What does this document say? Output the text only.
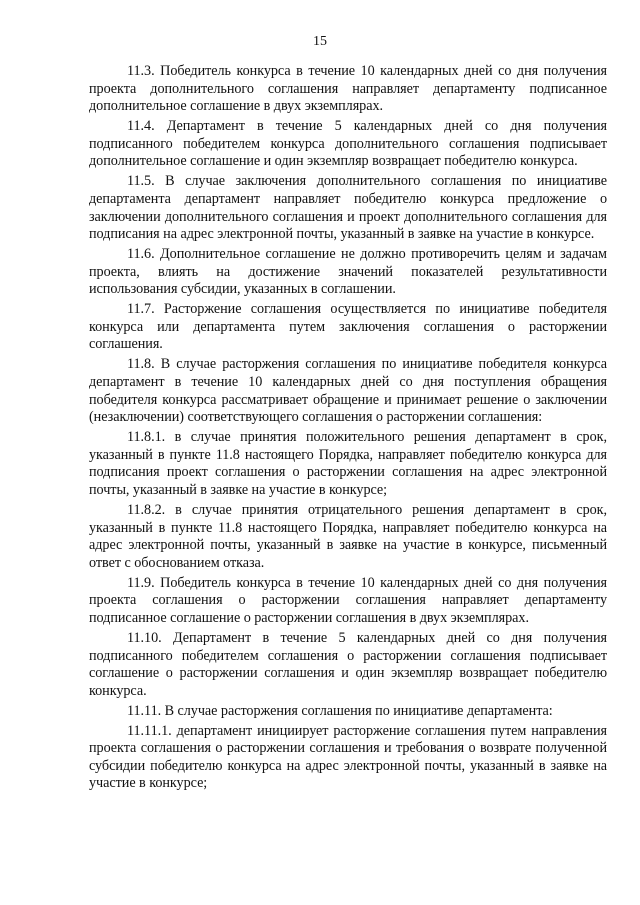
15

11.3. Победитель конкурса в течение 10 календарных дней со дня получения проекта дополнительного соглашения направляет департаменту подписанное дополнительное соглашение в двух экземплярах.

11.4. Департамент в течение 5 календарных дней со дня получения подписанного победителем конкурса дополнительного соглашения подписывает дополнительное соглашение и один экземпляр возвращает победителю конкурса.

11.5. В случае заключения дополнительного соглашения по инициативе департамента департамент направляет победителю конкурса предложение о заключении дополнительного соглашения и проект дополнительного соглашения для подписания на адрес электронной почты, указанный в заявке на участие в конкурсе.

11.6. Дополнительное соглашение не должно противоречить целям и задачам проекта, влиять на достижение значений показателей результативности использования субсидии, указанных в соглашении.

11.7. Расторжение соглашения осуществляется по инициативе победителя конкурса или департамента путем заключения соглашения о расторжении соглашения.

11.8. В случае расторжения соглашения по инициативе победителя конкурса департамент в течение 10 календарных дней со дня поступления обращения победителя конкурса рассматривает обращение и принимает решение о заключении (незаключении) соответствующего соглашения о расторжении соглашения:

11.8.1. в случае принятия положительного решения департамент в срок, указанный в пункте 11.8 настоящего Порядка, направляет победителю конкурса для подписания проект соглашения о расторжении соглашения на адрес электронной почты, указанный в заявке на участие в конкурсе;

11.8.2. в случае принятия отрицательного решения департамент в срок, указанный в пункте 11.8 настоящего Порядка, направляет победителю конкурса на адрес электронной почты, указанный в заявке на участие в конкурсе, письменный ответ с обоснованием отказа.

11.9. Победитель конкурса в течение 10 календарных дней со дня получения проекта соглашения о расторжении соглашения направляет департаменту подписанное соглашение о расторжении соглашения в двух экземплярах.

11.10. Департамент в течение 5 календарных дней со дня получения подписанного победителем соглашения о расторжении соглашения подписывает соглашение о расторжении соглашения и один экземпляр возвращает победителю конкурса.

11.11. В случае расторжения соглашения по инициативе департамента:

11.11.1. департамент инициирует расторжение соглашения путем направления проекта соглашения о расторжении соглашения и требования о возврате полученной субсидии победителю конкурса на адрес электронной почты, указанный в заявке на участие в конкурсе;
